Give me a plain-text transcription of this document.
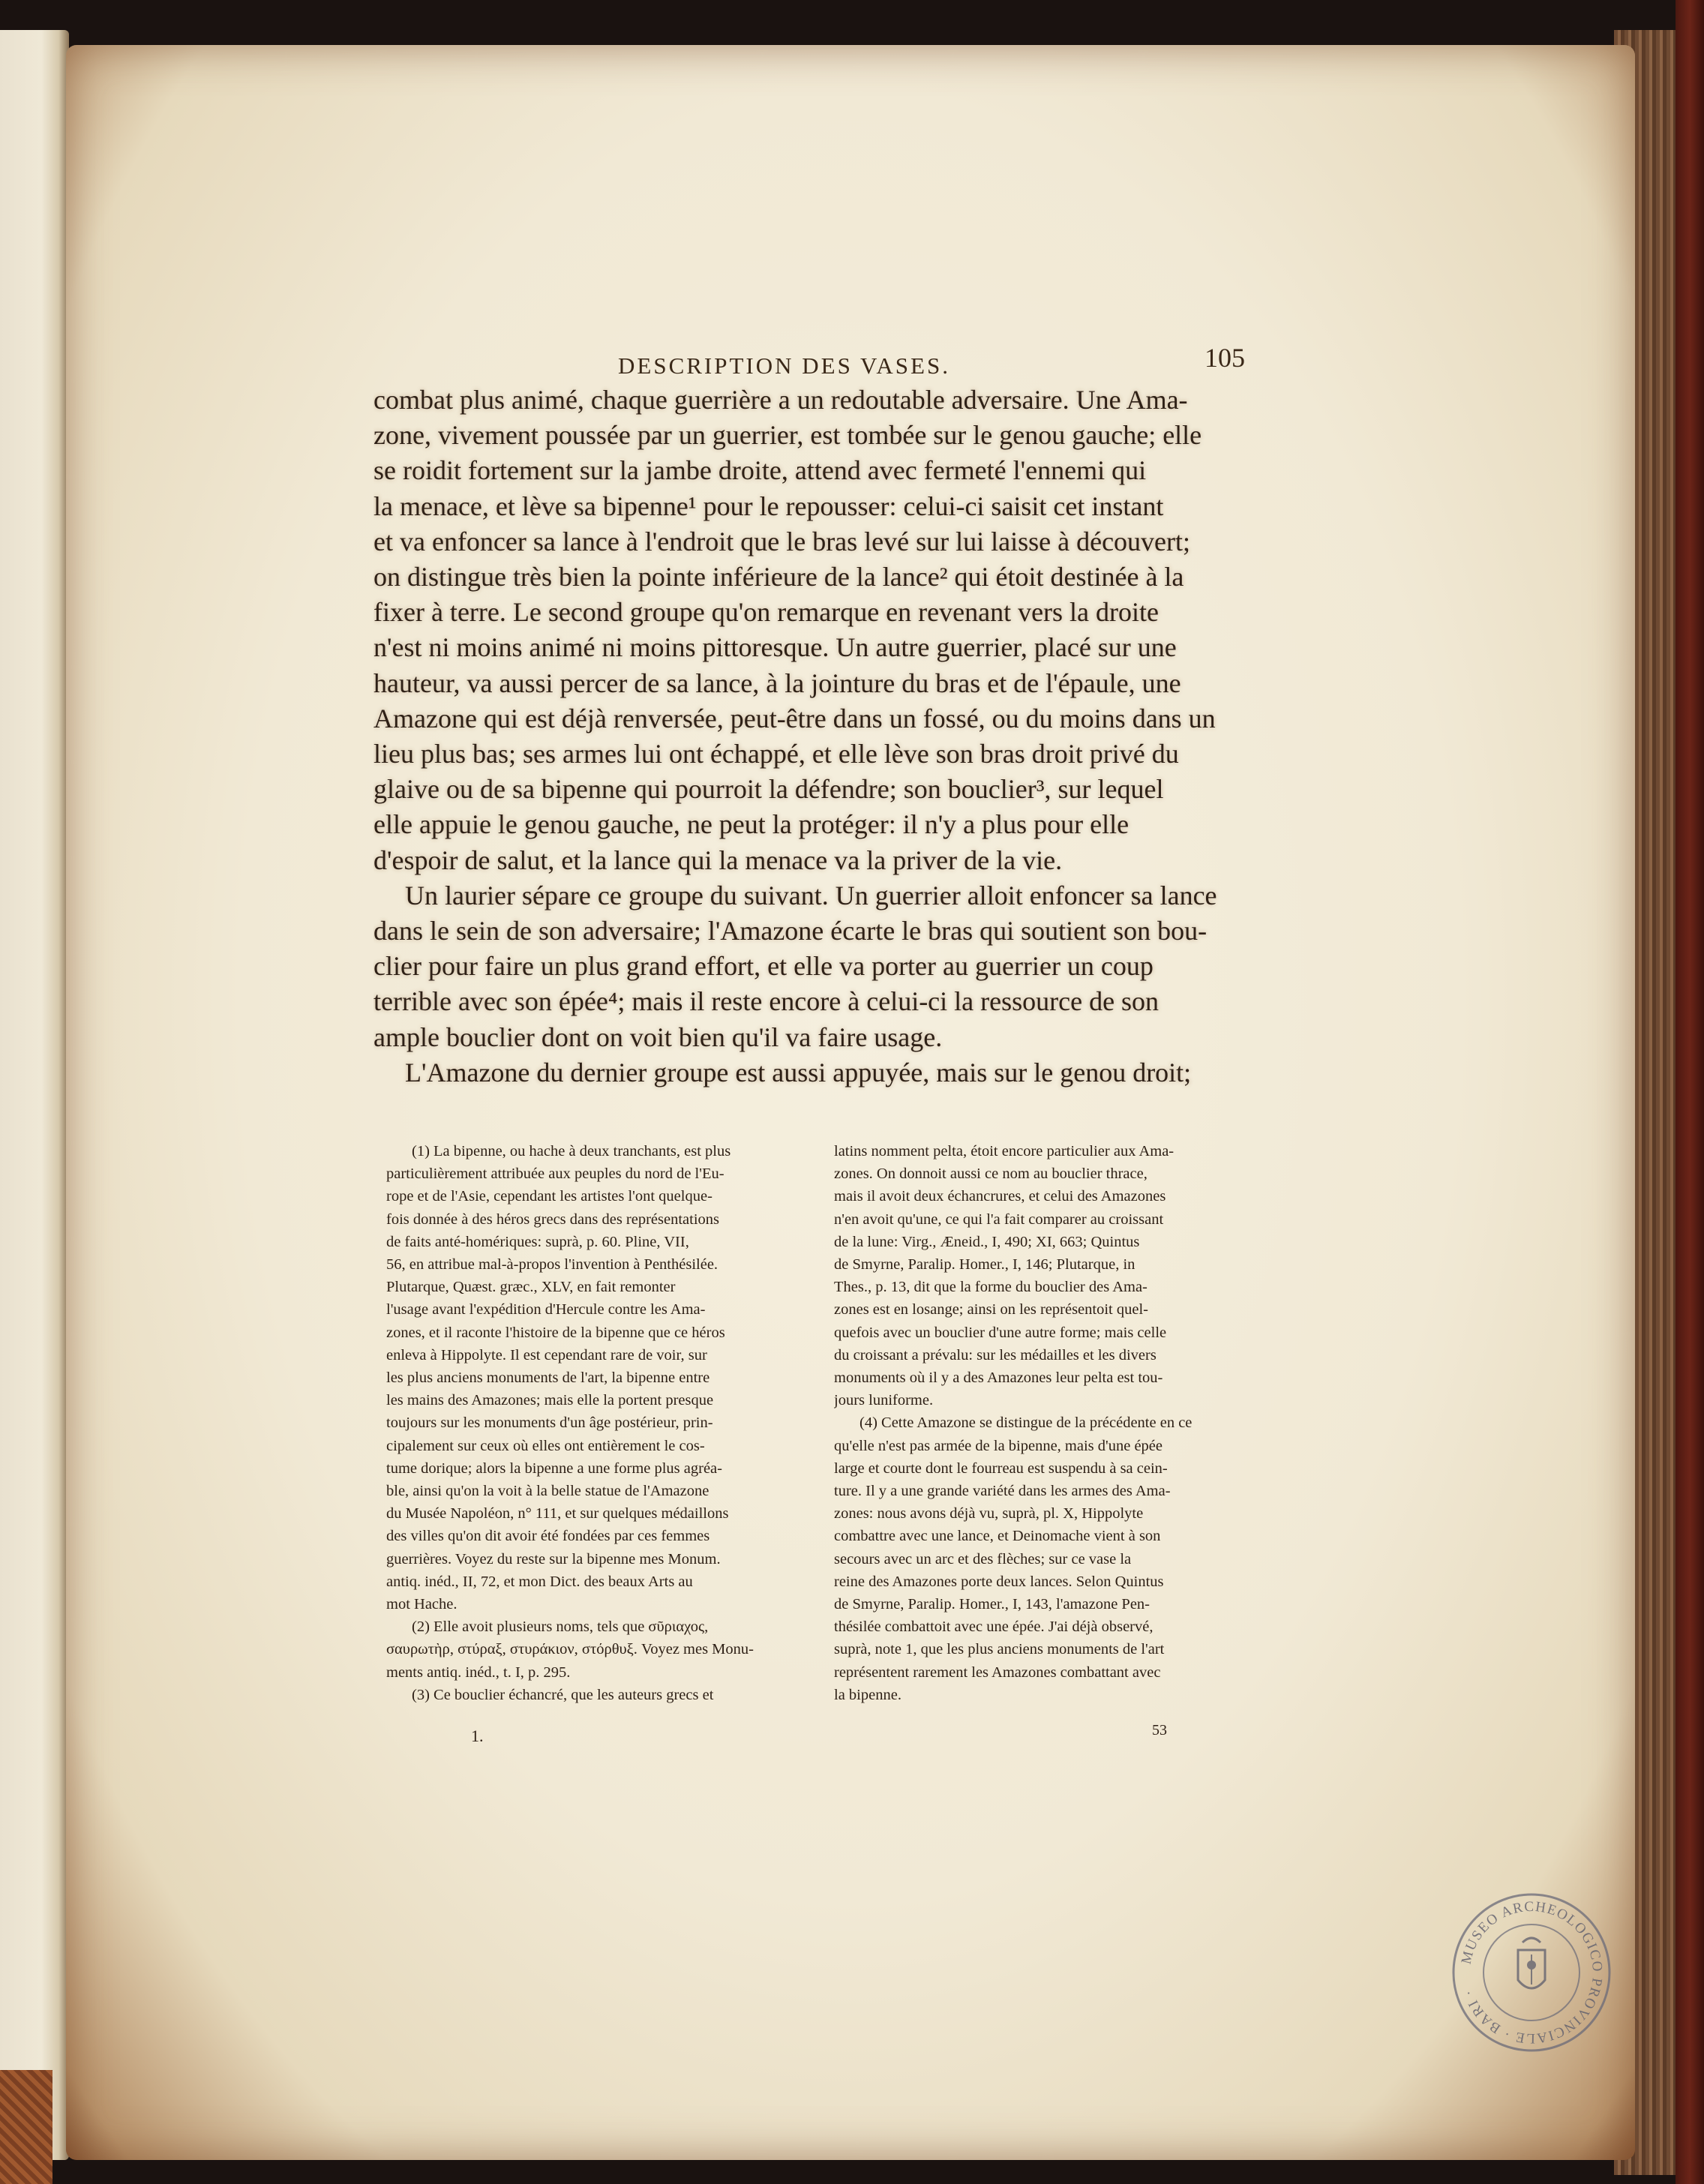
DESCRIPTION DES VASES.	105
combat plus animé, chaque guerrière a un redoutable adversaire. Une Ama-
zone, vivement poussée par un guerrier, est tombée sur le genou gauche; elle
se roidit fortement sur la jambe droite, attend avec fermeté l'ennemi qui
la menace, et lève sa bipenne¹ pour le repousser: celui-ci saisit cet instant
et va enfoncer sa lance à l'endroit que le bras levé sur lui laisse à découvert;
on distingue très bien la pointe inférieure de la lance² qui étoit destinée à la
fixer à terre. Le second groupe qu'on remarque en revenant vers la droite
n'est ni moins animé ni moins pittoresque. Un autre guerrier, placé sur une
hauteur, va aussi percer de sa lance, à la jointure du bras et de l'épaule, une
Amazone qui est déjà renversée, peut-être dans un fossé, ou du moins dans un
lieu plus bas; ses armes lui ont échappé, et elle lève son bras droit privé du
glaive ou de sa bipenne qui pourroit la défendre; son bouclier³, sur lequel
elle appuie le genou gauche, ne peut la protéger: il n'y a plus pour elle
d'espoir de salut, et la lance qui la menace va la priver de la vie.
Un laurier sépare ce groupe du suivant. Un guerrier alloit enfoncer sa lance
dans le sein de son adversaire; l'Amazone écarte le bras qui soutient son bou-
clier pour faire un plus grand effort, et elle va porter au guerrier un coup
terrible avec son épée⁴; mais il reste encore à celui-ci la ressource de son
ample bouclier dont on voit bien qu'il va faire usage.
L'Amazone du dernier groupe est aussi appuyée, mais sur le genou droit;
(1) La bipenne, ou hache à deux tranchants, est plus
particulièrement attribuée aux peuples du nord de l'Eu-
rope et de l'Asie, cependant les artistes l'ont quelque-
fois donnée à des héros grecs dans des représentations
de faits anté-homériques: suprà, p. 60. Pline, VII,
56, en attribue mal-à-propos l'invention à Penthésilée.
Plutarque, Quæst. græc., XLV, en fait remonter
l'usage avant l'expédition d'Hercule contre les Ama-
zones, et il raconte l'histoire de la bipenne que ce héros
enleva à Hippolyte. Il est cependant rare de voir, sur
les plus anciens monuments de l'art, la bipenne entre
les mains des Amazones; mais elle la portent presque
toujours sur les monuments d'un âge postérieur, prin-
cipalement sur ceux où elles ont entièrement le cos-
tume dorique; alors la bipenne a une forme plus agréa-
ble, ainsi qu'on la voit à la belle statue de l'Amazone
du Musée Napoléon, n° 111, et sur quelques médaillons
des villes qu'on dit avoir été fondées par ces femmes
guerrières. Voyez du reste sur la bipenne mes Monum.
antiq. inéd., II, 72, et mon Dict. des beaux Arts au
mot Hache.
(2) Elle avoit plusieurs noms, tels que σῦριαχος,
σαυρωτὴρ, στύραξ, στυράκιον, στόρθυξ. Voyez mes Monu-
ments antiq. inéd., t. I, p. 295.
(3) Ce bouclier échancré, que les auteurs grecs et
latins nomment pelta, étoit encore particulier aux Ama-
zones. On donnoit aussi ce nom au bouclier thrace,
mais il avoit deux échancrures, et celui des Amazones
n'en avoit qu'une, ce qui l'a fait comparer au croissant
de la lune: Virg., Æneid., I, 490; XI, 663; Quintus
de Smyrne, Paralip. Homer., I, 146; Plutarque, in
Thes., p. 13, dit que la forme du bouclier des Ama-
zones est en losange; ainsi on les représentoit quel-
quefois avec un bouclier d'une autre forme; mais celle
du croissant a prévalu: sur les médailles et les divers
monuments où il y a des Amazones leur pelta est tou-
jours luniforme.
(4) Cette Amazone se distingue de la précédente en ce
qu'elle n'est pas armée de la bipenne, mais d'une épée
large et courte dont le fourreau est suspendu à sa cein-
ture. Il y a une grande variété dans les armes des Ama-
zones: nous avons déjà vu, suprà, pl. X, Hippolyte
combattre avec une lance, et Deinomache vient à son
secours avec un arc et des flèches; sur ce vase la
reine des Amazones porte deux lances. Selon Quintus
de Smyrne, Paralip. Homer., I, 143, l'amazone Pen-
thésilée combattoit avec une épée. J'ai déjà observé,
suprà, note 1, que les plus anciens monuments de l'art
représentent rarement les Amazones combattant avec
la bipenne.
1.	53
MUSEO ARCHEOLOGICO PROVINCIALE · BARI ·
